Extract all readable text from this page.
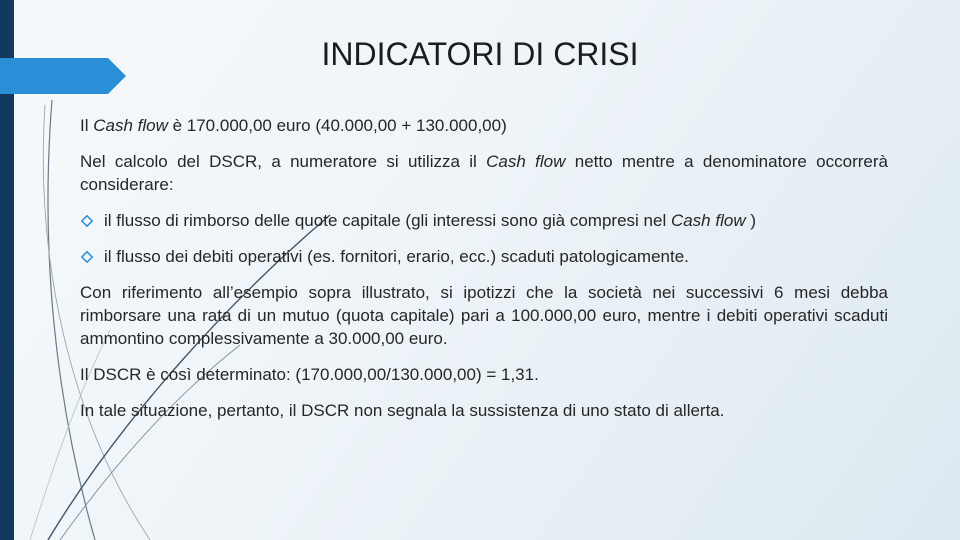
INDICATORI DI CRISI

Il Cash flow è 170.000,00 euro (40.000,00 + 130.000,00)

Nel calcolo del DSCR, a numeratore si utilizza il Cash flow netto mentre a denominatore occorrerà considerare:

il flusso di rimborso delle quote capitale (gli interessi sono già compresi nel Cash flow )
il flusso dei debiti operativi (es. fornitori, erario, ecc.) scaduti patologicamente.

Con riferimento all’esempio sopra illustrato, si ipotizzi che la società nei successivi 6 mesi debba rimborsare una rata di un mutuo (quota capitale) pari a 100.000,00 euro, mentre i debiti operativi scaduti ammontino complessivamente a 30.000,00 euro.

Il DSCR è così determinato: (170.000,00/130.000,00) = 1,31.

In tale situazione, pertanto, il DSCR non segnala la sussistenza di uno stato di allerta.
